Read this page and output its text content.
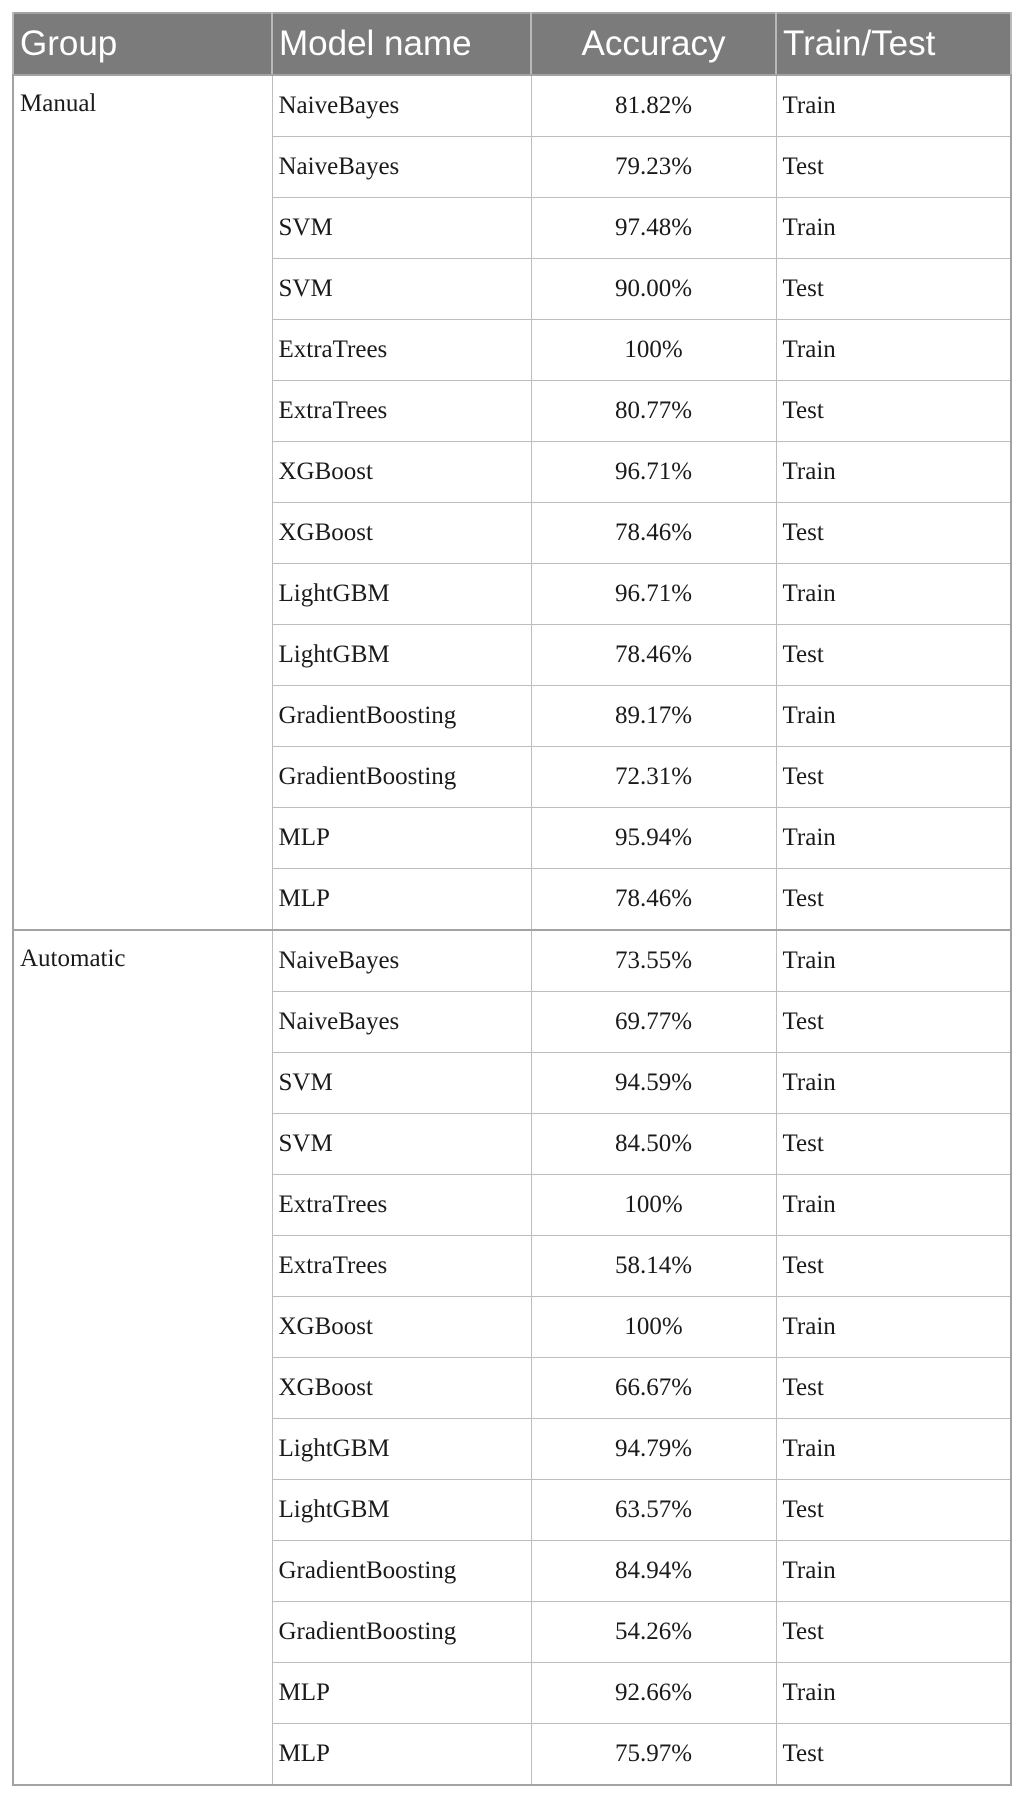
Group	Model name	Accuracy	Train/Test
Manual	NaiveBayes	81.82%	Train
	NaiveBayes	79.23%	Test
	SVM	97.48%	Train
	SVM	90.00%	Test
	ExtraTrees	100%	Train
	ExtraTrees	80.77%	Test
	XGBoost	96.71%	Train
	XGBoost	78.46%	Test
	LightGBM	96.71%	Train
	LightGBM	78.46%	Test
	GradientBoosting	89.17%	Train
	GradientBoosting	72.31%	Test
	MLP	95.94%	Train
	MLP	78.46%	Test
Automatic	NaiveBayes	73.55%	Train
	NaiveBayes	69.77%	Test
	SVM	94.59%	Train
	SVM	84.50%	Test
	ExtraTrees	100%	Train
	ExtraTrees	58.14%	Test
	XGBoost	100%	Train
	XGBoost	66.67%	Test
	LightGBM	94.79%	Train
	LightGBM	63.57%	Test
	GradientBoosting	84.94%	Train
	GradientBoosting	54.26%	Test
	MLP	92.66%	Train
	MLP	75.97%	Test
